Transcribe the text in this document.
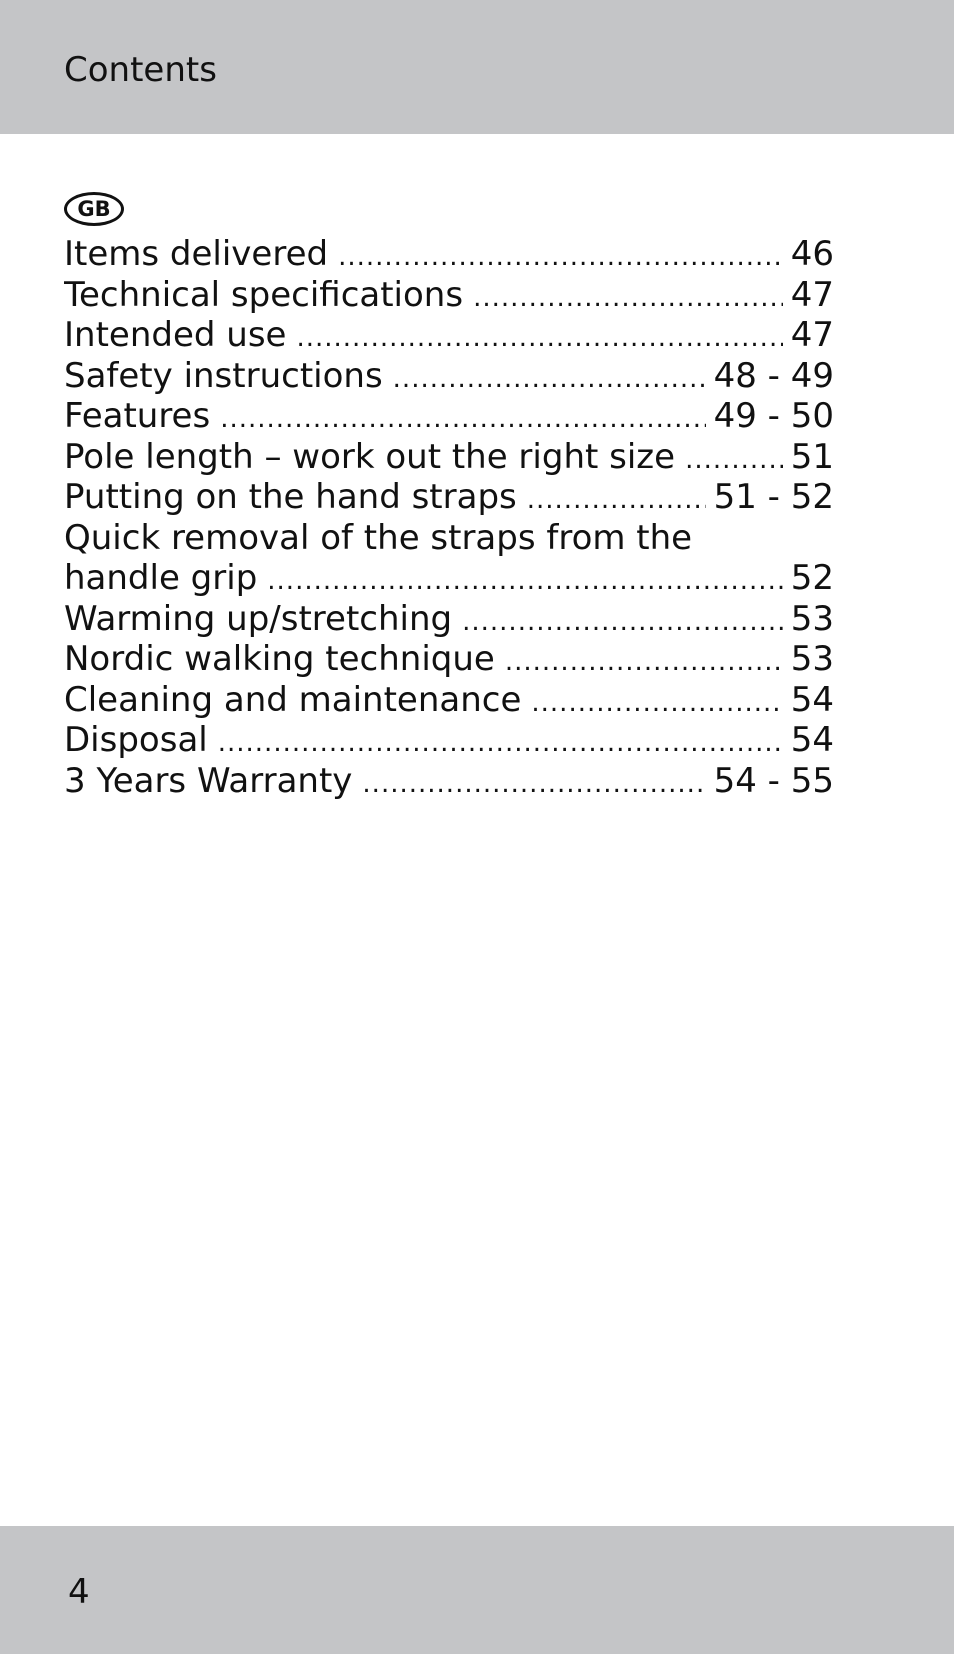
Contents
GB
Items delivered .....	46
Technical specifications .....	47
Intended use .....	47
Safety instructions .....	48 - 49
Features .....	49 - 50
Pole length – work out the right size .....	51
Putting on the hand straps .....	51 - 52
Quick removal of the straps from the
handle grip .....	52
Warming up/stretching .....	53
Nordic walking technique .....	53
Cleaning and maintenance .....	54
Disposal .....	54
3 Years Warranty .....	54 - 55
4
